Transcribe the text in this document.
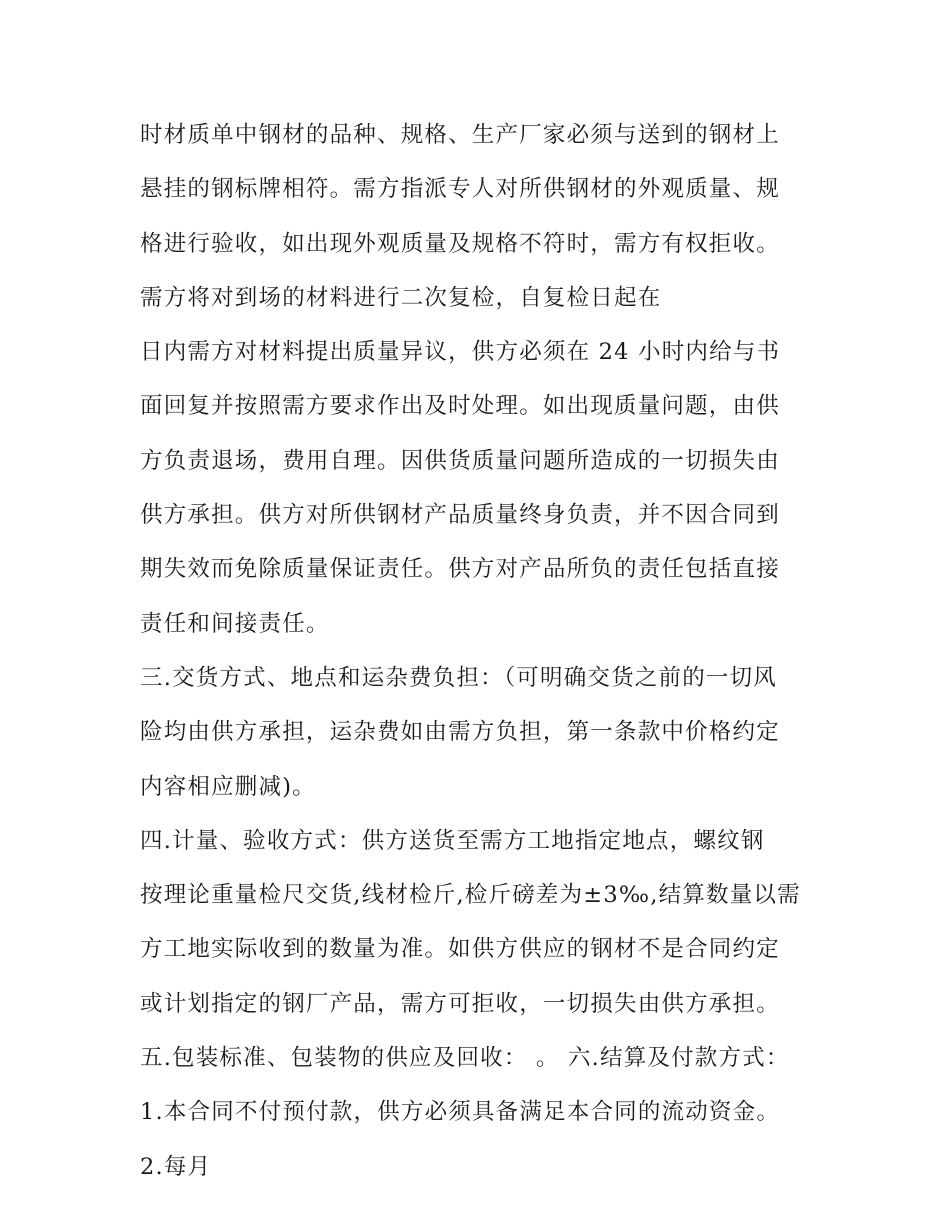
时材质单中钢材的品种、规格、生产厂家必须与送到的钢材上
悬挂的钢标牌相符。需方指派专人对所供钢材的外观质量、规
格进行验收，如出现外观质量及规格不符时，需方有权拒收。
需方将对到场的材料进行二次复检，自复检日起在
日内需方对材料提出质量异议，供方必须在 24 小时内给与书
面回复并按照需方要求作出及时处理。如出现质量问题，由供
方负责退场，费用自理。因供货质量问题所造成的一切损失由
供方承担。供方对所供钢材产品质量终身负责，并不因合同到
期失效而免除质量保证责任。供方对产品所负的责任包括直接
责任和间接责任。
三.交货方式、地点和运杂费负担：（可明确交货之前的一切风
险均由供方承担，运杂费如由需方负担，第一条款中价格约定
内容相应删减)。
四.计量、验收方式：供方送货至需方工地指定地点，螺纹钢
按理论重量检尺交货,线材检斤,检斤磅差为±3‰,结算数量以需
方工地实际收到的数量为准。如供方供应的钢材不是合同约定
或计划指定的钢厂产品，需方可拒收，一切损失由供方承担。
五.包装标准、包装物的供应及回收： 。 六.结算及付款方式：
1.本合同不付预付款，供方必须具备满足本合同的流动资金。
2.每月
